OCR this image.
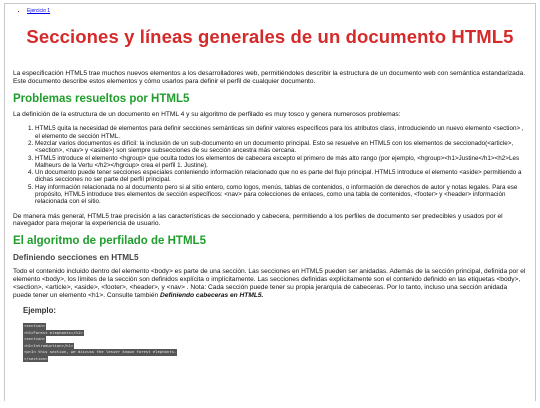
• Ejercicio 1
Secciones y líneas generales de un documento HTML5

La especificación HTML5 trae muchos nuevos elementos a los desarrolladores web, permitiéndoles describir la estructura de un documento web con semántica estandarizada. Este documento describe estos elementos y cómo usarlos para definir el perfil de cualquier documento.

Problemas resueltos por HTML5

La definición de la estructura de un documento en HTML 4 y su algoritmo de perfilado es muy tosco y genera numerosos problemas:

1. HTML5 quita la necesidad de elementos para definir secciones semánticas sin definir valores específicos para los atributos class, introduciendo un nuevo elemento <section> , el elemento de sección HTML.
2. Mezclar varios documentos es difícil: la inclusión de un sub-documento en un documento principal. Esto se resuelve en HTML5 con los elementos de seccionado(<article>, <section>, <nav> y <aside>) son siempre subsecciones de su sección ancestra más cercana.
3. HTML5 introduce el elemento <hgroup> que oculta todos los elementos de cabecera excepto el primero de más alto rango (por ejemplo, <hgroup><h1>Justine</h1><h2>Les Malheurs de la Vertu </h2></hgroup> crea el perfil 1. Justine).
4. Un documento puede tener secciones especiales conteniendo información relacionado que no es parte del flujo principal. HTML5 introduce el elemento <aside> permitiendo a dichas secciones no ser parte del perfil principal.
5. Hay información relacionada no al documento pero si al sitio entero, como logos, menús, tablas de contenidos, o información de derechos de autor y notas legales. Para ese propósito, HTML5 introduce tres elementos de sección específicos: <nav> para colecciones de enlaces, como una tabla de contenidos, <footer> y <header> información relacionada con el sitio.

De manera más general, HTML5 trae precisión a las características de seccionado y cabecera, permitiendo a los perfiles de documento ser predecibles y usados por el navegador para mejorar la experiencia de usuario.

El algoritmo de perfilado de HTML5
Definiendo secciones en HTML5

Todo el contenido incluido dentro del elemento <body> es parte de una sección. Las secciones en HTML5 pueden ser anidadas. Además de la sección principal, definida por el elemento <body>, los límites de la sección son definidos explícita o implícitamente. Las secciones definidas explícitamente son el contenido definido en las etiquetas <body>, <section>, <article>, <aside>, <footer>, <header>, y <nav> . Nota: Cada sección puede tener su propia jerarquía de cabeceras. Por lo tanto, incluso una sección anidada puede tener un elemento <h1>. Consulte también Definiendo cabeceras en HTML5.

Ejemplo:
<section>
<h1>Forest elephants</h1>
<section>
<h1>Introduction</h1>
<p>In this section, we discuss the lesser known forest elephants.
</section>
